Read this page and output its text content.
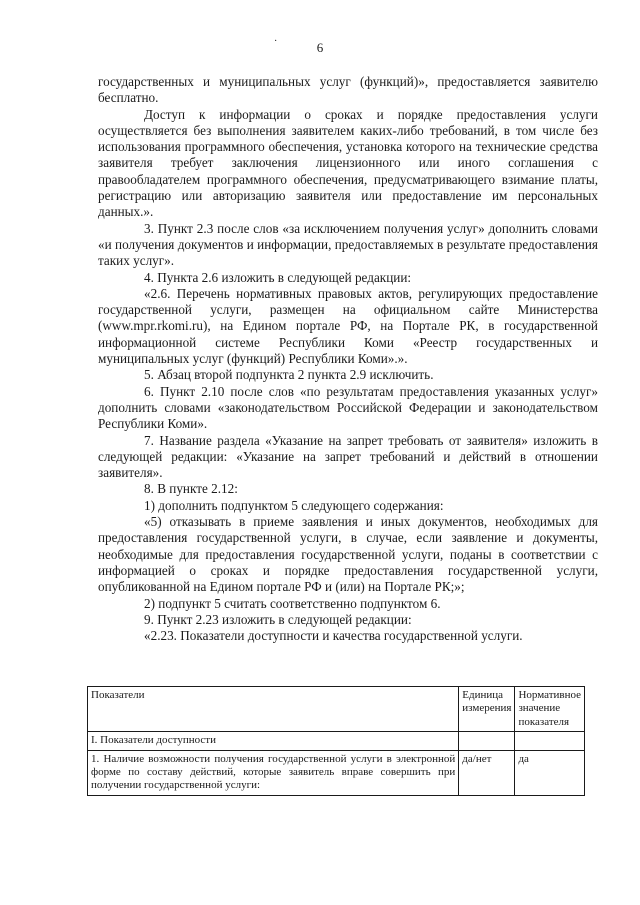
6
·

государственных и муниципальных услуг (функций)», предоставляется заявителю бесплатно.

Доступ к информации о сроках и порядке предоставления услуги осуществляется без выполнения заявителем каких-либо требований, в том числе без использования программного обеспечения, установка которого на технические средства заявителя требует заключения лицензионного или иного соглашения с правообладателем программного обеспечения, предусматривающего взимание платы, регистрацию или авторизацию заявителя или предоставление им персональных данных.».

3. Пункт 2.3 после слов «за исключением получения услуг» дополнить словами «и получения документов и информации, предоставляемых в результате предоставления таких услуг».

4. Пункта 2.6 изложить в следующей редакции:

«2.6. Перечень нормативных правовых актов, регулирующих предоставление государственной услуги, размещен на официальном сайте Министерства (www.mpr.rkomi.ru), на Едином портале РФ, на Портале РК, в государственной информационной системе Республики Коми «Реестр государственных и муниципальных услуг (функций) Республики Коми».».

5. Абзац второй подпункта 2 пункта 2.9 исключить.

6. Пункт 2.10 после слов «по результатам предоставления указанных услуг» дополнить словами «законодательством Российской Федерации и законодательством Республики Коми».

7. Название раздела «Указание на запрет требовать от заявителя» изложить в следующей редакции: «Указание на запрет требований и действий в отношении заявителя».

8. В пункте 2.12:

1) дополнить подпунктом 5 следующего содержания:

«5) отказывать в приеме заявления и иных документов, необходимых для предоставления государственной услуги, в случае, если заявление и документы, необходимые для предоставления государственной услуги, поданы в соответствии с информацией о сроках и порядке предоставления государственной услуги, опубликованной на Едином портале РФ и (или) на Портале РК;»;

2) подпункт 5 считать соответственно подпунктом 6.

9. Пункт 2.23 изложить в следующей редакции:

«2.23. Показатели доступности и качества государственной услуги.

Показатели	Единица измерения	Нормативное значение показателя
I. Показатели доступности		
1. Наличие возможности получения государственной услуги в электронной форме по составу действий, которые заявитель вправе совершить при получении государственной услуги:	да/нет	да
